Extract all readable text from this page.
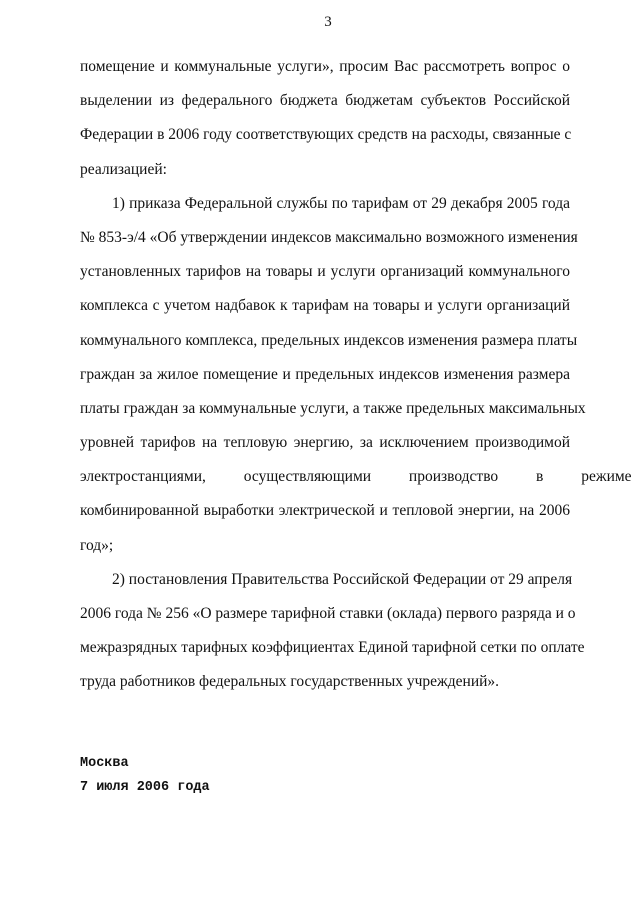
3
помещение и коммунальные услуги», просим Вас рассмотреть вопрос о
выделении из федерального бюджета бюджетам субъектов Российской
Федерации в 2006 году соответствующих средств на расходы, связанные с
реализацией:
1) приказа Федеральной службы по тарифам от 29 декабря 2005 года
№ 853-э/4 «Об утверждении индексов максимально возможного изменения
установленных тарифов на товары и услуги организаций коммунального
комплекса с учетом надбавок к тарифам на товары и услуги организаций
коммунального комплекса, предельных индексов изменения размера платы
граждан за жилое помещение и предельных индексов изменения размера
платы граждан за коммунальные услуги, а также предельных максимальных
уровней тарифов на тепловую энергию, за исключением производимой
электростанциями, осуществляющими производство в режиме
комбинированной выработки электрической и тепловой энергии, на 2006
год»;
2) постановления Правительства Российской Федерации от 29 апреля
2006 года № 256 «О размере тарифной ставки (оклада) первого разряда и о
межразрядных тарифных коэффициентах Единой тарифной сетки по оплате
труда работников федеральных государственных учреждений».
Москва
7 июля 2006 года
